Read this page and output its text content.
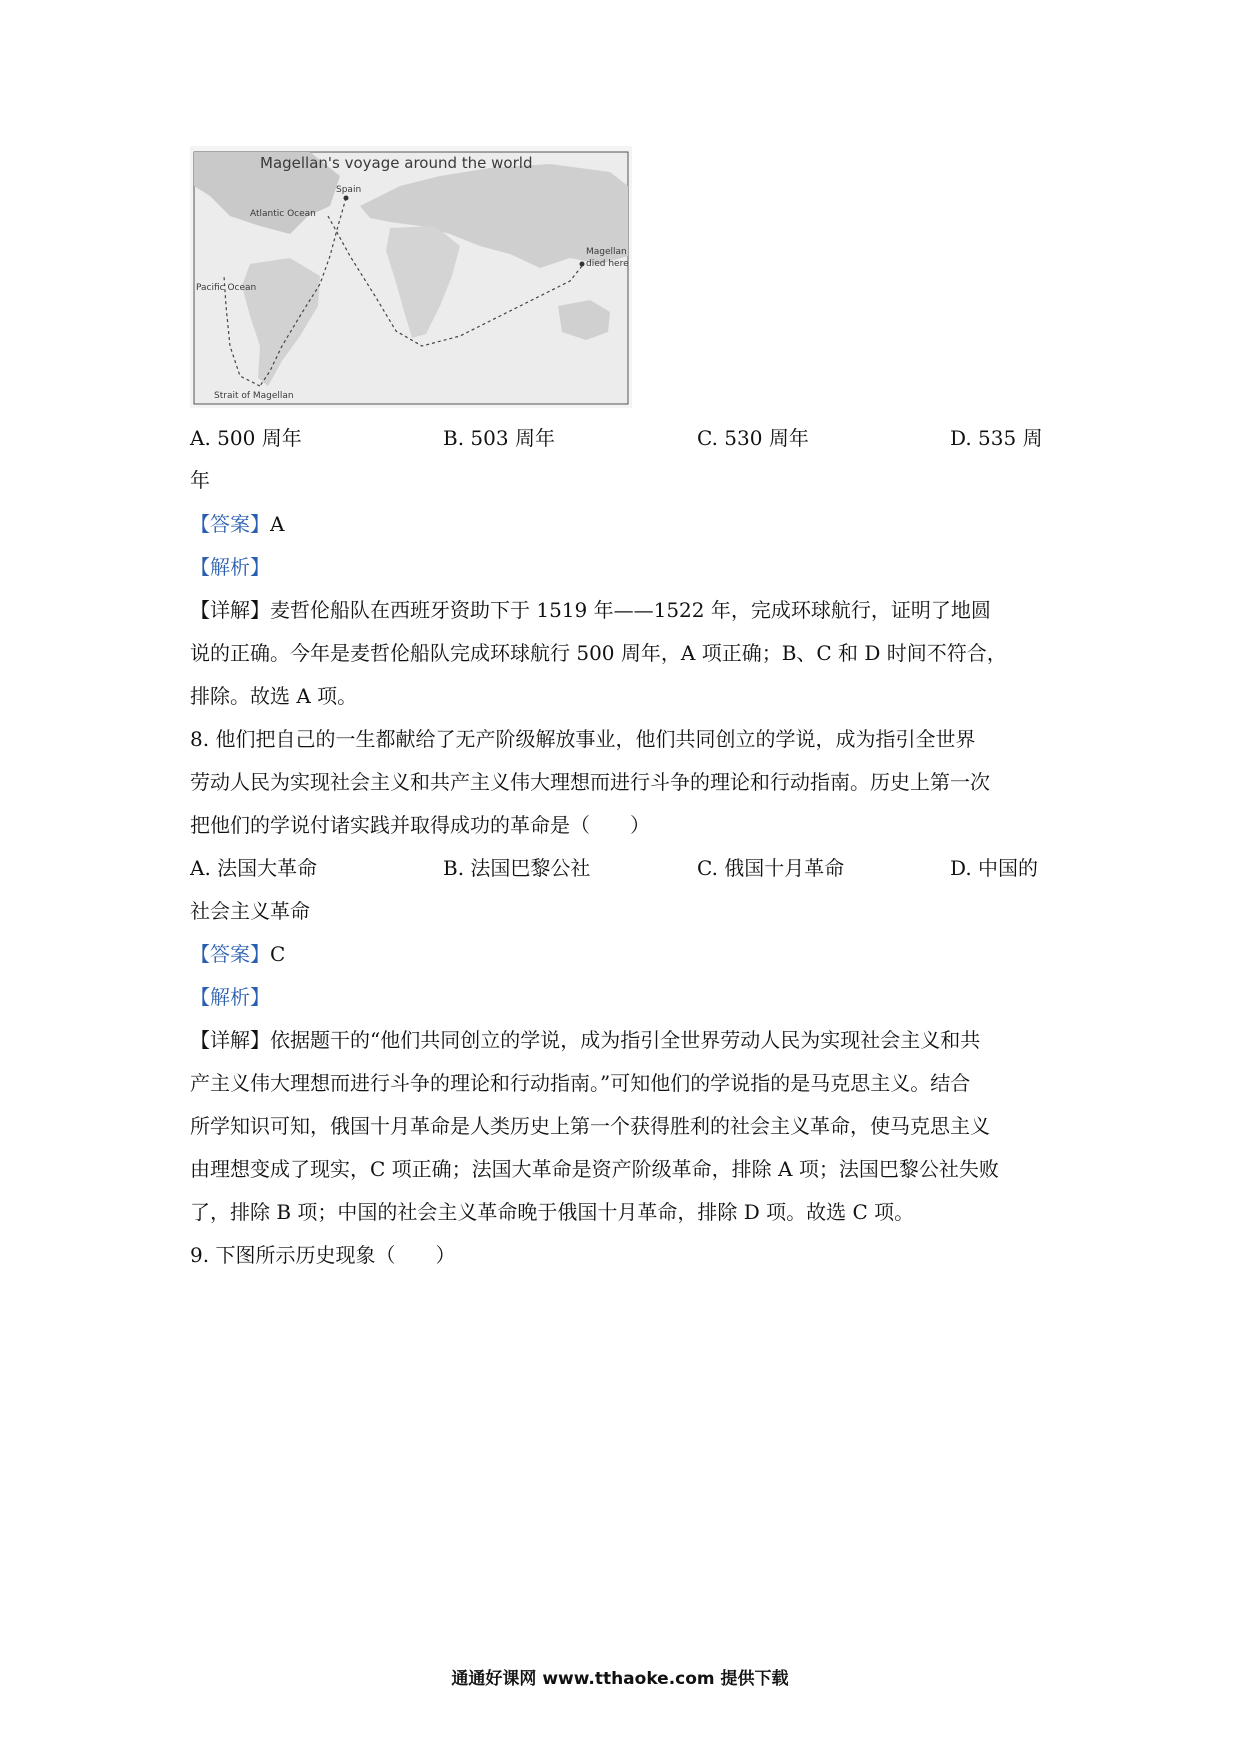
Magellan's voyage around the world
Spain
Atlantic Ocean
Pacific Ocean
Magellan
died here
Strait of Magellan
A. 500 周年	B. 503 周年	C. 530 周年	D. 535 周
年
【答案】A
【解析】
【详解】麦哲伦船队在西班牙资助下于 1519 年——1522 年，完成环球航行，证明了地圆
说的正确。今年是麦哲伦船队完成环球航行 500 周年，A 项正确；B、C 和 D 时间不符合，
排除。故选 A 项。
8. 他们把自己的一生都献给了无产阶级解放事业，他们共同创立的学说，成为指引全世界
劳动人民为实现社会主义和共产主义伟大理想而进行斗争的理论和行动指南。历史上第一次
把他们的学说付诸实践并取得成功的革命是（　　）
A. 法国大革命	B. 法国巴黎公社	C. 俄国十月革命	D. 中国的
社会主义革命
【答案】C
【解析】
【详解】依据题干的“他们共同创立的学说，成为指引全世界劳动人民为实现社会主义和共
产主义伟大理想而进行斗争的理论和行动指南。”可知他们的学说指的是马克思主义。结合
所学知识可知，俄国十月革命是人类历史上第一个获得胜利的社会主义革命，使马克思主义
由理想变成了现实，C 项正确；法国大革命是资产阶级革命，排除 A 项；法国巴黎公社失败
了，排除 B 项；中国的社会主义革命晚于俄国十月革命，排除 D 项。故选 C 项。
9. 下图所示历史现象（　　）
通通好课网 www.tthaoke.com 提供下载
